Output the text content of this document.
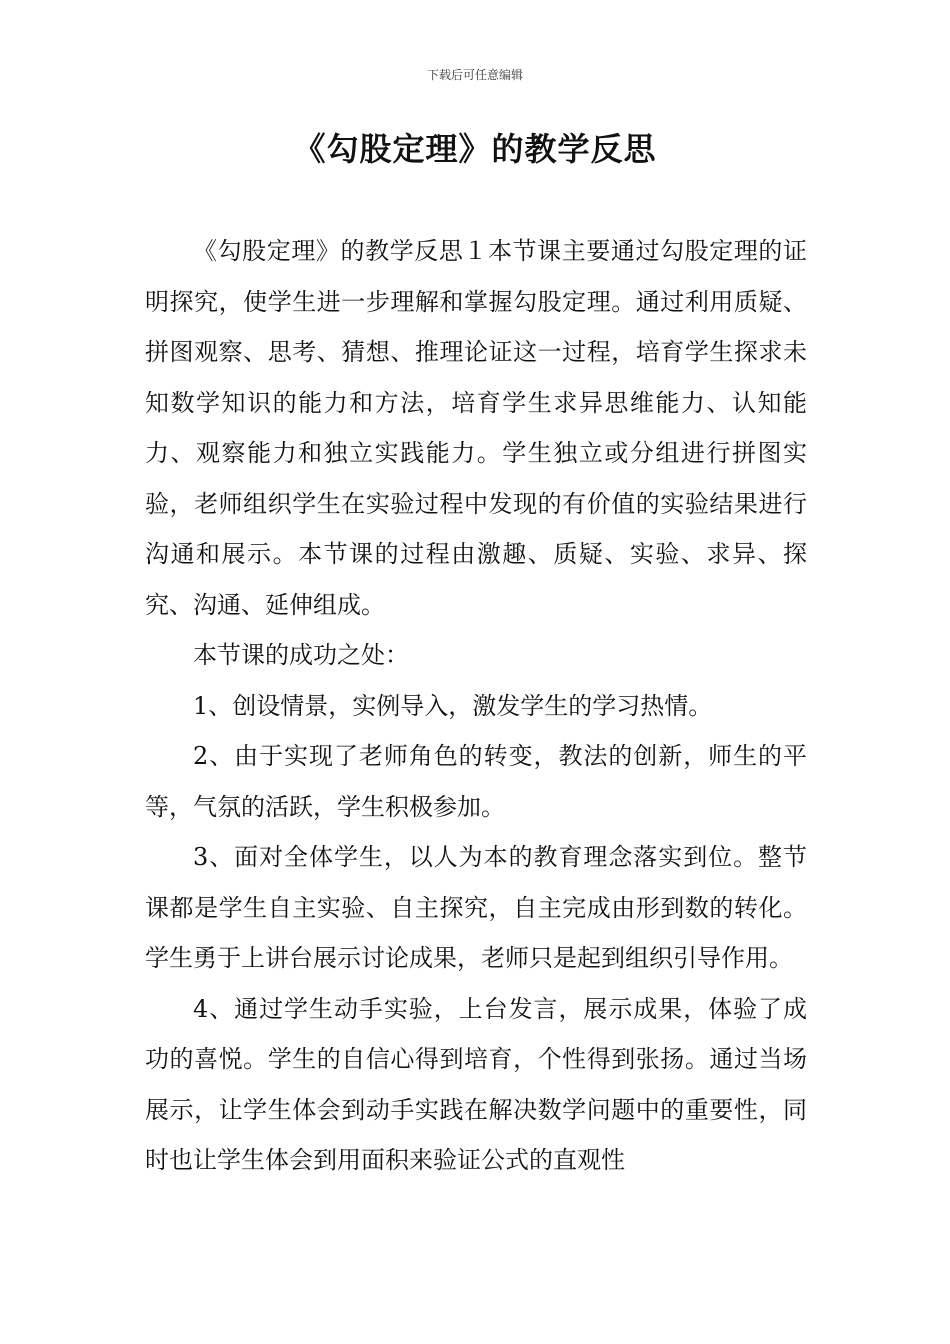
下载后可任意编辑
《勾股定理》的教学反思

《勾股定理》的教学反思１本节课主要通过勾股定理的证明探究，使学生进一步理解和掌握勾股定理。通过利用质疑、拼图观察、思考、猜想、推理论证这一过程，培育学生探求未知数学知识的能力和方法，培育学生求异思维能力、认知能力、观察能力和独立实践能力。学生独立或分组进行拼图实验，老师组织学生在实验过程中发现的有价值的实验结果进行沟通和展示。本节课的过程由激趣、质疑、实验、求异、探究、沟通、延伸组成。

本节课的成功之处：

1、创设情景，实例导入，激发学生的学习热情。

2、由于实现了老师角色的转变，教法的创新，师生的平等，气氛的活跃，学生积极参加。

3、面对全体学生，以人为本的教育理念落实到位。整节课都是学生自主实验、自主探究，自主完成由形到数的转化。学生勇于上讲台展示讨论成果，老师只是起到组织引导作用。

4、通过学生动手实验，上台发言，展示成果，体验了成功的喜悦。学生的自信心得到培育，个性得到张扬。通过当场展示，让学生体会到动手实践在解决数学问题中的重要性，同时也让学生体会到用面积来验证公式的直观性
